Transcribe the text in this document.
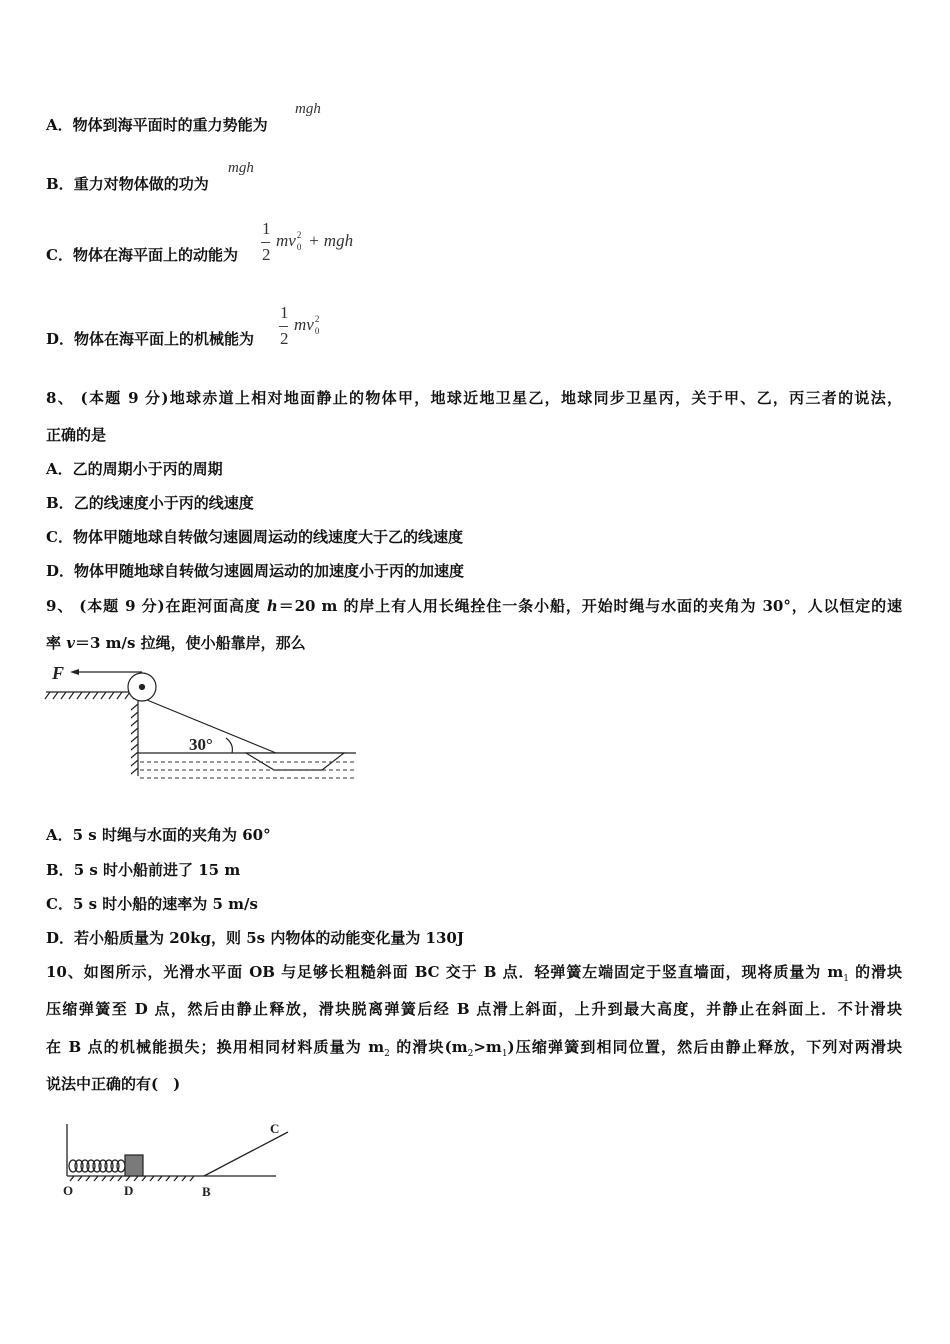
A．物体到海平面时的重力势能为
mgh
B．重力对物体做的功为
mgh
C．物体在海平面上的动能为
1
2
mv 2
0 + mgh
D．物体在海平面上的机械能为
1
2
mv 2
0
8、 (本题 9 分)地球赤道上相对地面静止的物体甲，地球近地卫星乙，地球同步卫星丙，关于甲、乙，丙三者的说法，
正确的是
A．乙的周期小于丙的周期
B．乙的线速度小于丙的线速度
C．物体甲随地球自转做匀速圆周运动的线速度大于乙的线速度
D．物体甲随地球自转做匀速圆周运动的加速度小于丙的加速度
9、 (本题 9 分)在距河面高度 h＝20 m 的岸上有人用长绳拴住一条小船，开始时绳与水面的夹角为 30°，人以恒定的速
率 v＝3 m/s 拉绳，使小船靠岸，那么
F
30°
A．5 s 时绳与水面的夹角为 60°
B．5 s 时小船前进了 15 m
C．5 s 时小船的速率为 5 m/s
D．若小船质量为 20kg，则 5s 内物体的动能变化量为 130J
10、如图所示，光滑水平面 OB 与足够长粗糙斜面 BC 交于 B 点．轻弹簧左端固定于竖直墙面，现将质量为 $m_1$ 的滑块
压缩弹簧至 D 点，然后由静止释放，滑块脱离弹簧后经 B 点滑上斜面，上升到最大高度，并静止在斜面上．不计滑块
在 B 点的机械能损失；换用相同材料质量为 $m_2$ 的滑块$(m_2>m_1)$压缩弹簧到相同位置，然后由静止释放，下列对两滑块
说法中正确的有(　)
O	D	B
C
